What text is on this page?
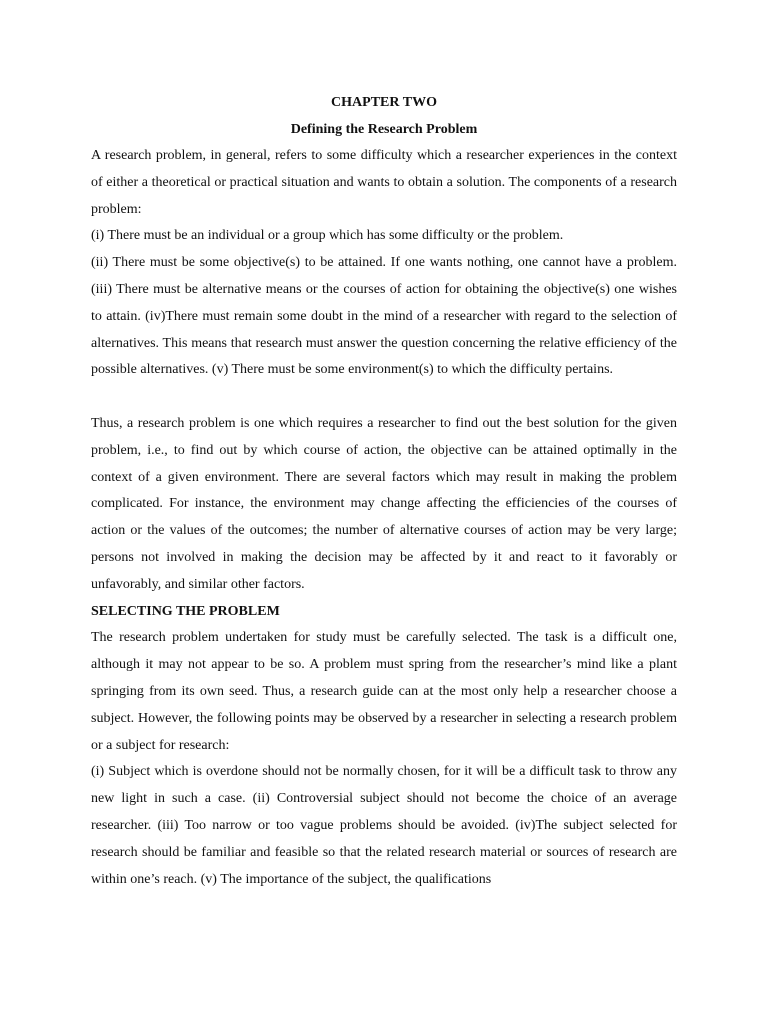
CHAPTER TWO
Defining the Research Problem

A research problem, in general, refers to some difficulty which a researcher experiences in the context of either a theoretical or practical situation and wants to obtain a solution. The components of a research problem:

(i) There must be an individual or a group which has some difficulty or the problem.

(ii) There must be some objective(s) to be attained. If one wants nothing, one cannot have a problem. (iii) There must be alternative means or the courses of action for obtaining the objective(s) one wishes to attain. (iv)There must remain some doubt in the mind of a researcher with regard to the selection of alternatives. This means that research must answer the question concerning the relative efficiency of the possible alternatives. (v) There must be some environment(s) to which the difficulty pertains.

Thus, a research problem is one which requires a researcher to find out the best solution for the given problem, i.e., to find out by which course of action, the objective can be attained optimally in the context of a given environment. There are several factors which may result in making the problem complicated. For instance, the environment may change affecting the efficiencies of the courses of action or the values of the outcomes; the number of alternative courses of action may be very large; persons not involved in making the decision may be affected by it and react to it favorably or unfavorably, and similar other factors.

SELECTING THE PROBLEM

The research problem undertaken for study must be carefully selected. The task is a difficult one, although it may not appear to be so. A problem must spring from the researcher’s mind like a plant springing from its own seed. Thus, a research guide can at the most only help a researcher choose a subject. However, the following points may be observed by a researcher in selecting a research problem or a subject for research:

(i) Subject which is overdone should not be normally chosen, for it will be a difficult task to throw any new light in such a case. (ii) Controversial subject should not become the choice of an average researcher. (iii) Too narrow or too vague problems should be avoided. (iv)The subject selected for research should be familiar and feasible so that the related research material or sources of research are within one’s reach. (v) The importance of the subject, the qualifications
